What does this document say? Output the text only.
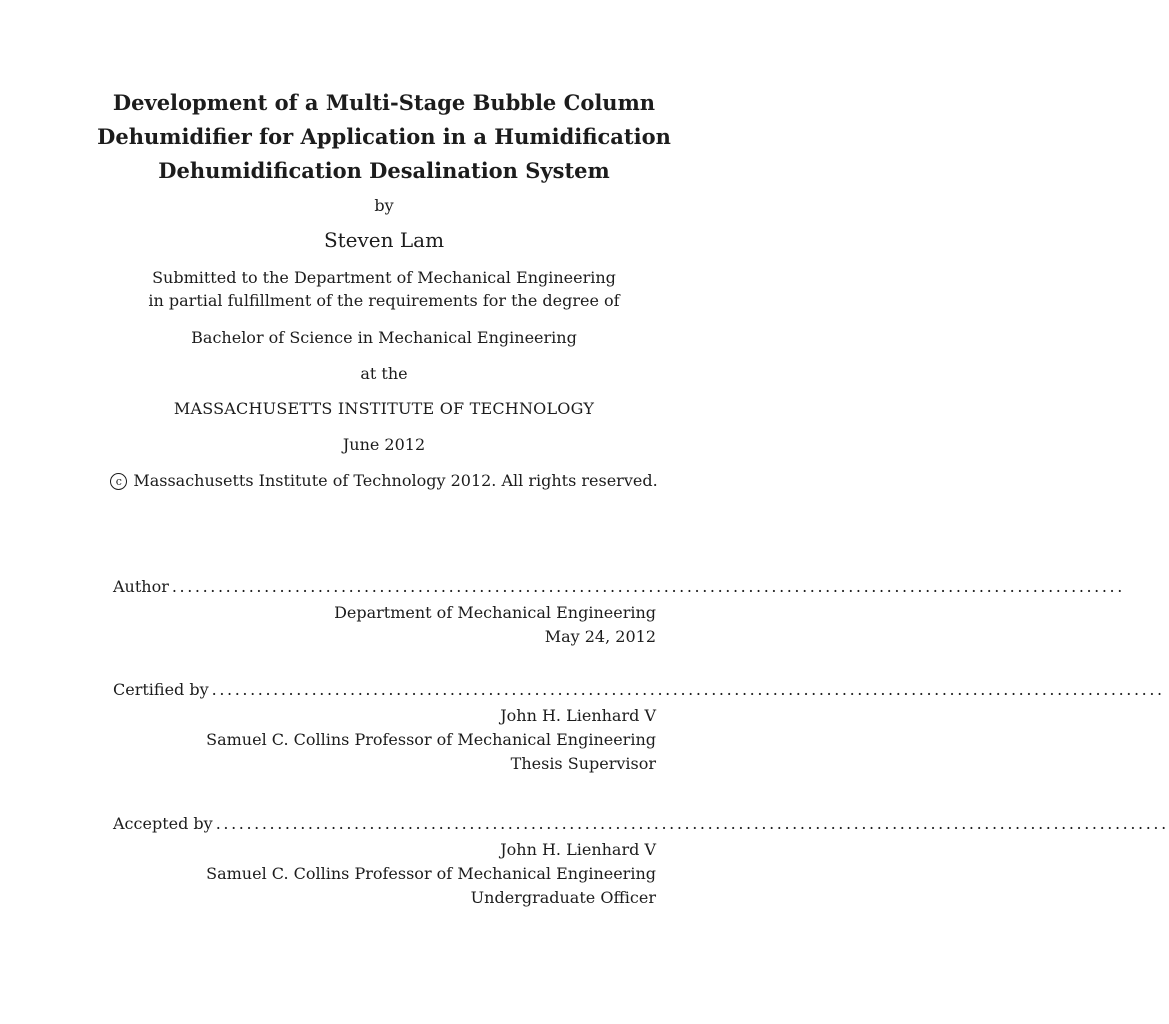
Development of a Multi-Stage Bubble Column
Dehumidifier for Application in a Humidification
Dehumidification Desalination System
by
Steven Lam
Submitted to the Department of Mechanical Engineering
in partial fulfillment of the requirements for the degree of
Bachelor of Science in Mechanical Engineering
at the
MASSACHUSETTS INSTITUTE OF TECHNOLOGY
June 2012
c Massachusetts Institute of Technology 2012. All rights reserved.
Author ............................................................................................................................
Department of Mechanical Engineering
May 24, 2012
Certified by ............................................................................................................................
John H. Lienhard V
Samuel C. Collins Professor of Mechanical Engineering
Thesis Supervisor
Accepted by ............................................................................................................................
John H. Lienhard V
Samuel C. Collins Professor of Mechanical Engineering
Undergraduate Officer
